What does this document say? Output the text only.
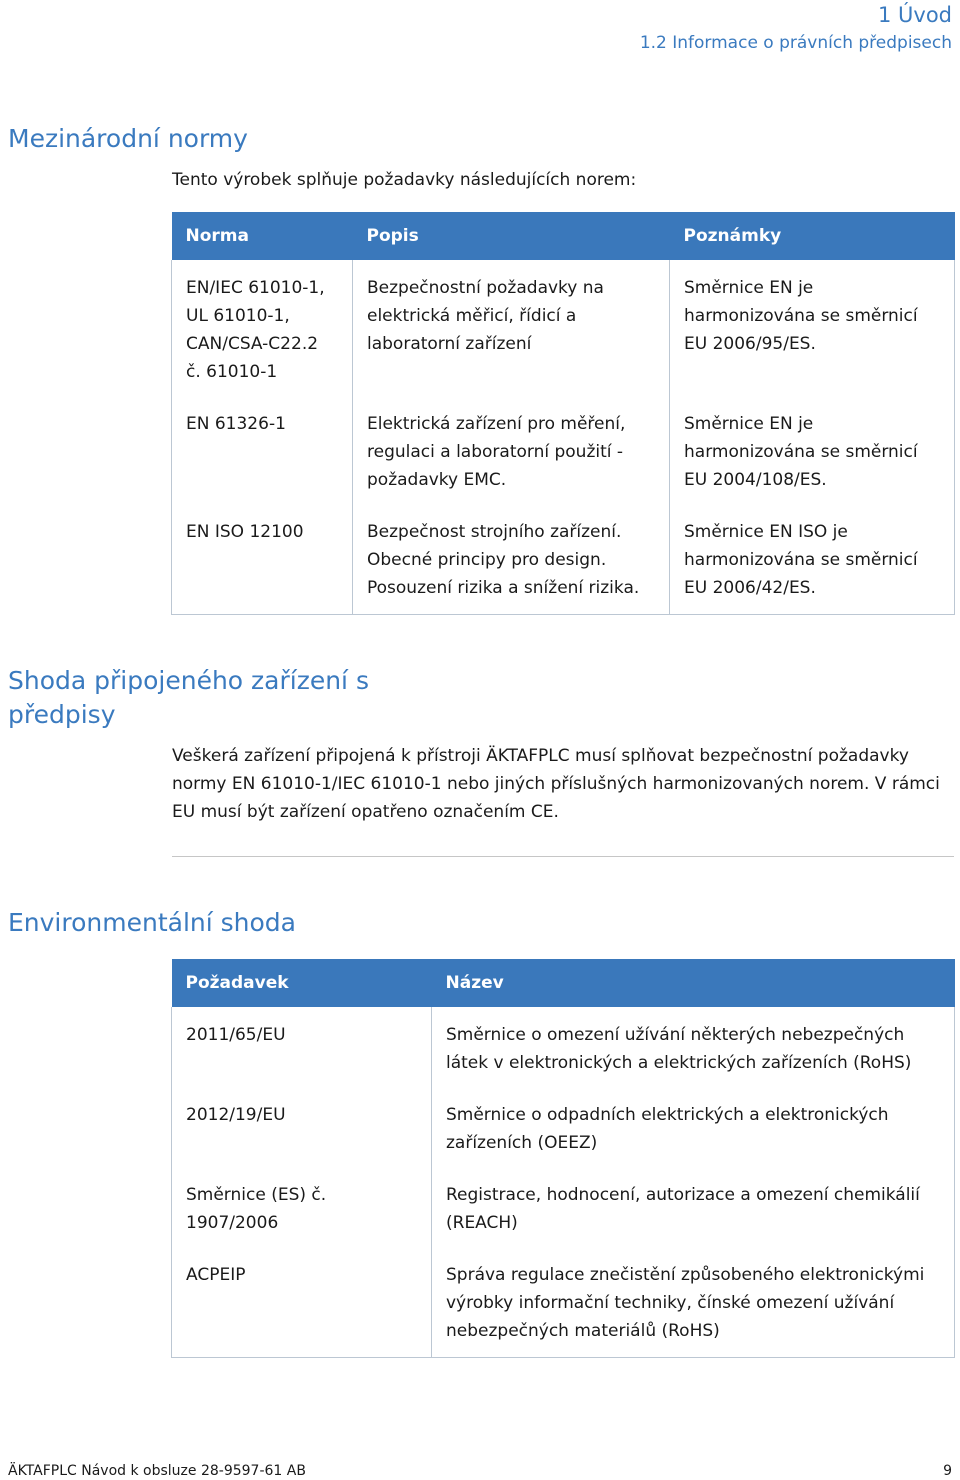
1 Úvod
1.2 Informace o právních předpisech
Mezinárodní normy
Tento výrobek splňuje požadavky následujících norem:
Norma	Popis	Poznámky
EN/IEC 61010-1, UL 61010-1, CAN/CSA-C22.2 č. 61010-1	Bezpečnostní požadavky na elektrická měřicí, řídicí a laboratorní zařízení	Směrnice EN je harmonizována se směrnicí EU 2006/95/ES.
EN 61326-1	Elektrická zařízení pro měření, regulaci a laboratorní použití - požadavky EMC.	Směrnice EN je harmonizována se směrnicí EU 2004/108/ES.
EN ISO 12100	Bezpečnost strojního zařízení. Obecné principy pro design. Posouzení rizika a snížení rizika.	Směrnice EN ISO je harmonizována se směrnicí EU 2006/42/ES.
Shoda připojeného zařízení s předpisy
Veškerá zařízení připojená k přístroji ÄKTAFPLC musí splňovat bezpečnostní požadavky normy EN 61010-1/IEC 61010-1 nebo jiných příslušných harmonizovaných norem. V rámci EU musí být zařízení opatřeno označením CE.
Environmentální shoda
Požadavek	Název
2011/65/EU	Směrnice o omezení užívání některých nebezpečných látek v elektronických a elektrických zařízeních (RoHS)
2012/19/EU	Směrnice o odpadních elektrických a elektronických zařízeních (OEEZ)
Směrnice (ES) č. 1907/2006	Registrace, hodnocení, autorizace a omezení chemikálií (REACH)
ACPEIP	Správa regulace znečistění způsobeného elektronickými výrobky informační techniky, čínské omezení užívání nebezpečných materiálů (RoHS)
ÄKTAFPLC Návod k obsluze 28-9597-61 AB	9
